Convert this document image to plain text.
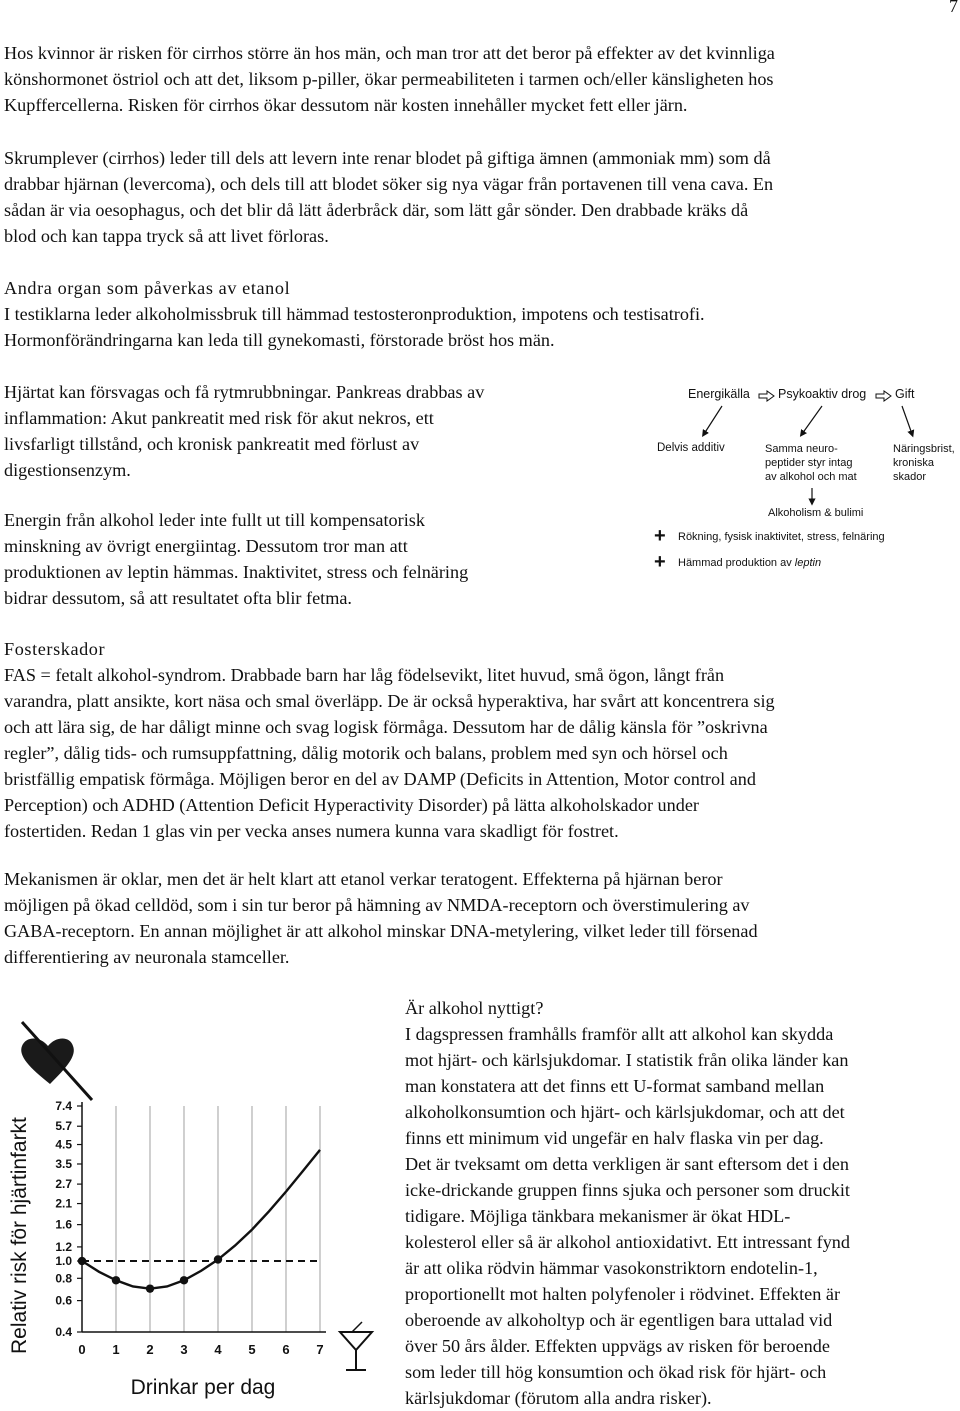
7

Hos kvinnor är risken för cirrhos större än hos män, och man tror att det beror på effekter av det kvinnliga
könshormonet östriol och att det, liksom p-piller, ökar permeabiliteten i tarmen och/eller känsligheten hos
Kupffercellerna. Risken för cirrhos ökar dessutom när kosten innehåller mycket fett eller järn.

Skrumplever (cirrhos) leder till dels att levern inte renar blodet på giftiga ämnen (ammoniak mm) som då
drabbar hjärnan (levercoma), och dels till att blodet söker sig nya vägar från portavenen till vena cava. En
sådan är via oesophagus, och det blir då lätt åderbråck där, som lätt går sönder. Den drabbade kräks då
blod och kan tappa tryck så att livet förloras.

Andra organ som påverkas av etanol
I testiklarna leder alkoholmissbruk till hämmad testosteronproduktion, impotens och testisatrofi.
Hormonförändringarna kan leda till gynekomasti, förstorade bröst hos män.

Hjärtat kan försvagas och få rytmrubbningar. Pankreas drabbas av
inflammation: Akut pankreatit med risk för akut nekros, ett
livsfarligt tillstånd, och kronisk pankreatit med förlust av
digestionsenzym.

Energin från alkohol leder inte fullt ut till kompensatorisk
minskning av övrigt energiintag. Dessutom tror man att
produktionen av leptin hämmas. Inaktivitet, stress och felnäring
bidrar dessutom, så att resultatet ofta blir fetma.

Energikälla Psykoaktiv drog Gift
Delvis additiv	Samma neuro-
peptider styr intag
av alkohol och mat
Näringsbrist,
kroniska
skador
Alkoholism & bulimi
+ Rökning, fysisk inaktivitet, stress, felnäring
+ Hämmad produktion av leptin

Fosterskador
FAS = fetalt alkohol-syndrom. Drabbade barn har låg födelsevikt, litet huvud, små ögon, långt från
varandra, platt ansikte, kort näsa och smal överläpp. De är också hyperaktiva, har svårt att koncentrera sig
och att lära sig, de har dåligt minne och svag logisk förmåga. Dessutom har de dålig känsla för ”oskrivna
regler”, dålig tids- och rumsuppfattning, dålig motorik och balans, problem med syn och hörsel och
bristfällig empatisk förmåga. Möjligen beror en del av DAMP (Deficits in Attention, Motor control and
Perception) och ADHD (Attention Deficit Hyperactivity Disorder) på lätta alkoholskador under
fostertiden. Redan 1 glas vin per vecka anses numera kunna vara skadligt för fostret.

Mekanismen är oklar, men det är helt klart att etanol verkar teratogent. Effekterna på hjärnan beror
möjligen på ökad celldöd, som i sin tur beror på hämning av NMDA-receptorn och överstimulering av
GABA-receptorn. En annan möjlighet är att alkohol minskar DNA-metylering, vilket leder till försenad
differentiering av neuronala stamceller.

Är alkohol nyttigt?
I dagspressen framhålls framför allt att alkohol kan skydda
mot hjärt- och kärlsjukdomar. I statistik från olika länder kan
man konstatera att det finns ett U-format samband mellan
alkoholkonsumtion och hjärt- och kärlsjukdomar, och att det
finns ett minimum vid ungefär en halv flaska vin per dag.
Det är tveksamt om detta verkligen är sant eftersom det i den
icke-drickande gruppen finns sjuka och personer som druckit
tidigare. Möjliga tänkbara mekanismer är ökat HDL-
kolesterol eller så är alkohol antioxidativt. Ett intressant fynd
är att olika rödvin hämmar vasokonstriktorn endotelin-1,
proportionellt mot halten polyfenoler i rödvinet. Effekten är
oberoende av alkoholtyp och är egentligen bara uttalad vid
över 50 års ålder. Effekten uppvägs av risken för beroende
som leder till hög konsumtion och ökad risk för hjärt- och
kärlsjukdomar (förutom alla andra risker).

Relativ risk för hjärtinfarkt
Drinkar per dag
0.4
0.6
0.8
1.0
1.2
1.6
2.1
2.7
3.5
4.5
5.7
7.4
0 1 2 3 4 5 6 7
